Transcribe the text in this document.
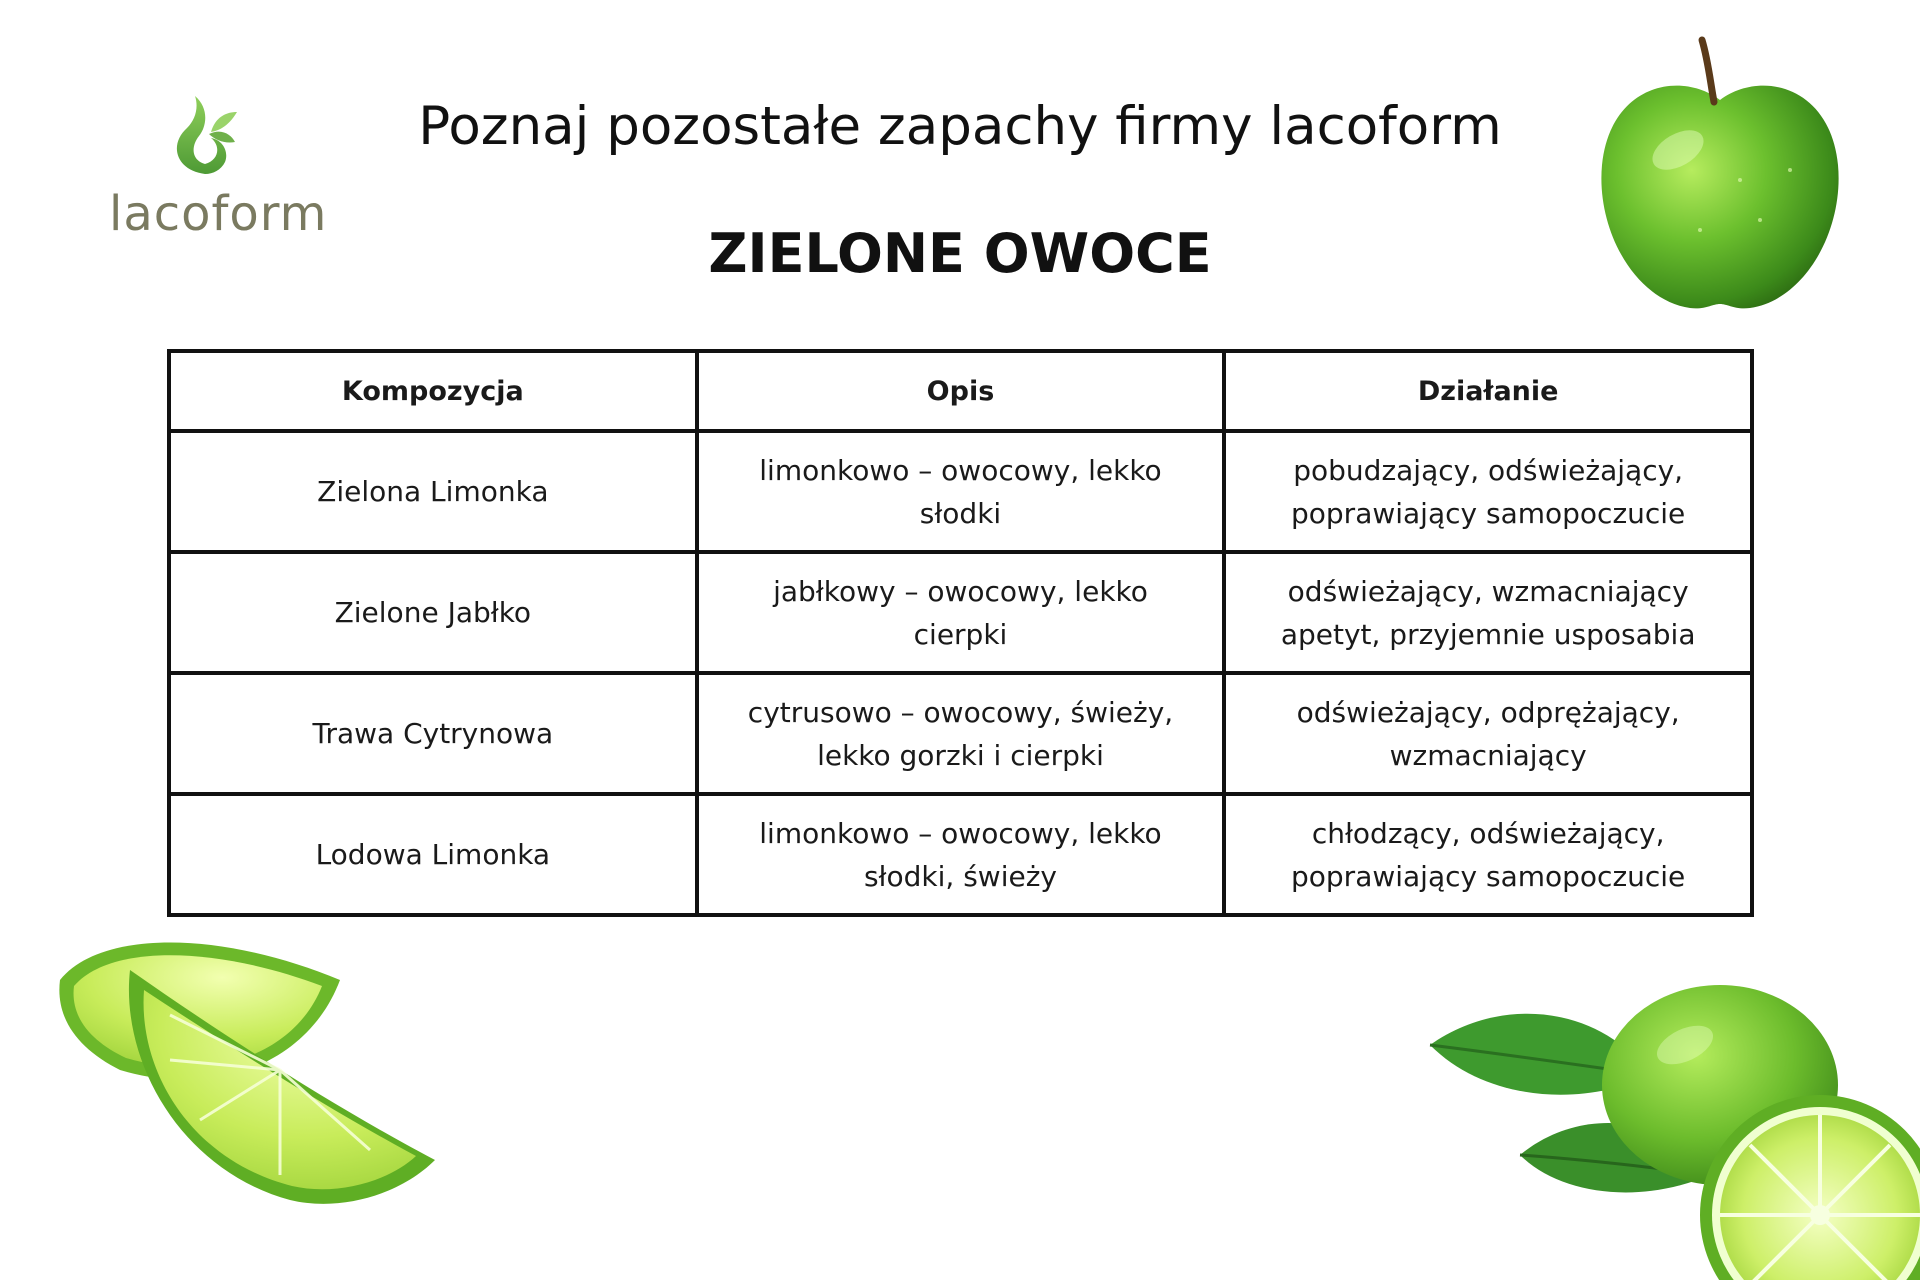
lacoform
Poznaj pozostałe zapachy firmy lacoform
ZIELONE OWOCE
Kompozycja	Opis	Działanie
Zielona Limonka	limonkowo – owocowy, lekko słodki	pobudzający, odświeżający, poprawiający samopoczucie
Zielone Jabłko	jabłkowy – owocowy, lekko cierpki	odświeżający, wzmacniający apetyt, przyjemnie usposabia
Trawa Cytrynowa	cytrusowo – owocowy, świeży, lekko gorzki i cierpki	odświeżający, odprężający, wzmacniający
Lodowa Limonka	limonkowo – owocowy, lekko słodki, świeży	chłodzący, odświeżający, poprawiający samopoczucie
